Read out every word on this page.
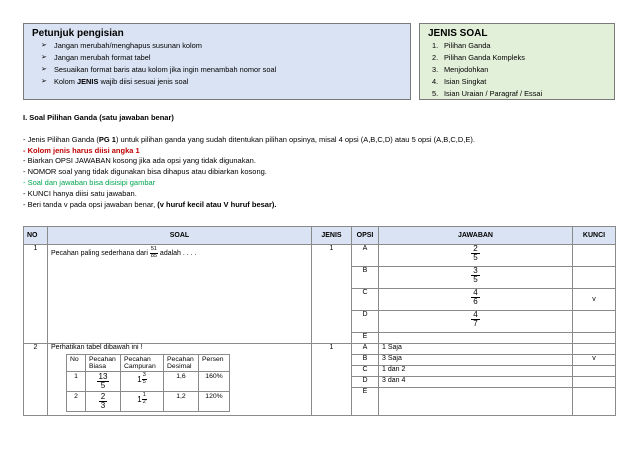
Petunjuk pengisian
➢ Jangan merubah/menghapus susunan kolom
➢ Jangan merubah format tabel
➢ Sesuaikan format baris atau kolom jika ingin menambah nomor soal
➢ Kolom JENIS wajib diisi sesuai jenis soal
JENIS SOAL
1. Pilihan Ganda
2. Pilihan Ganda Kompleks
3. Menjodohkan
4. Isian Singkat
5. Isian Uraian / Paragraf / Essai
I. Soal Pilihan Ganda (satu jawaban benar)
- Jenis Pilihan Ganda (PG 1) untuk pilihan ganda yang sudah ditentukan pilihan opsinya, misal 4 opsi (A,B,C,D) atau 5 opsi (A,B,C,D,E).
- Kolom jenis harus diisi angka 1
- Biarkan OPSI JAWABAN kosong jika ada opsi yang tidak digunakan.
- NOMOR soal yang tidak digunakan bisa dihapus atau dibiarkan kosong.
- Soal dan jawaban bisa disisipi gambar
- KUNCI hanya diisi satu jawaban.
- Beri tanda v pada opsi jawaban benar, (v huruf kecil atau V huruf besar).
NO	SOAL	JENIS	OPSI	JAWABAN	KUNCI
1	Pecahan paling sederhana dari $\frac{51}{85}$ adalah . . . .	1	A	$\frac{2}{5}$

B	$\frac{3}{5}$

C	$\frac{4}{6}$	v
D	$\frac{4}{7}$

E		
2	Perhatikan tabel dibawah ini !
No	Pecahan Biasa	Pecahan Campuran	Pecahan Desimal	Persen
1	$\frac{13}{5}$	$1 \frac{3}{5}$	1,6	160%
2	$\frac{2}{3}$	$1 \frac{1}{2}$	1,2	120%
	1	A	1 Saja	
B	3 Saja	v
C	1 dan 2	
D	3 dan 4	
E		
